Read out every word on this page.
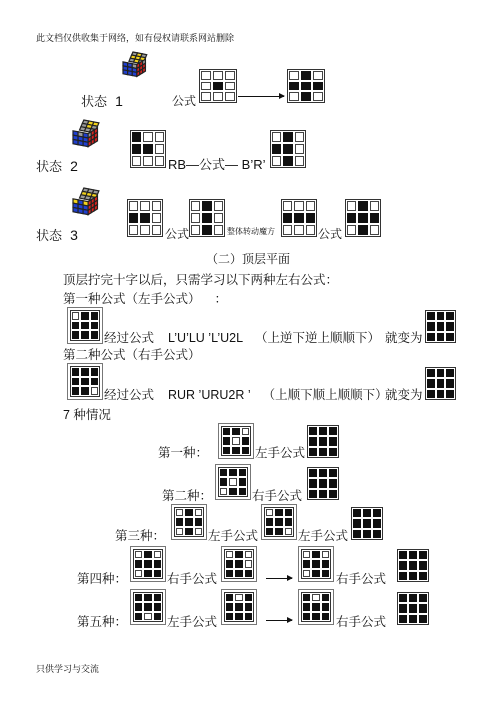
此文档仅供收集于网络，如有侵权请联系网站删除
只供学习与交流
状态 1	公式
状态 2	RB—公式— B’R’
状态 3	公式	整体转动魔方	公式
（二）顶层平面
顶层拧完十字以后，只需学习以下两种左右公式：
第一种公式（左手公式） ：
经过公式 L’U’LU ’L’U2L （上逆下逆上顺顺下） 就变为
第二种公式（右手公式）
经过公式 RUR ’URU2R ’ （上顺下顺上顺顺下）
就变为
7 种情况
第一种：	左手公式
第二种：	右手公式
第三种：	左手公式	左手公式
第四种：	右手公式	右手公式
第五种：	左手公式	右手公式
